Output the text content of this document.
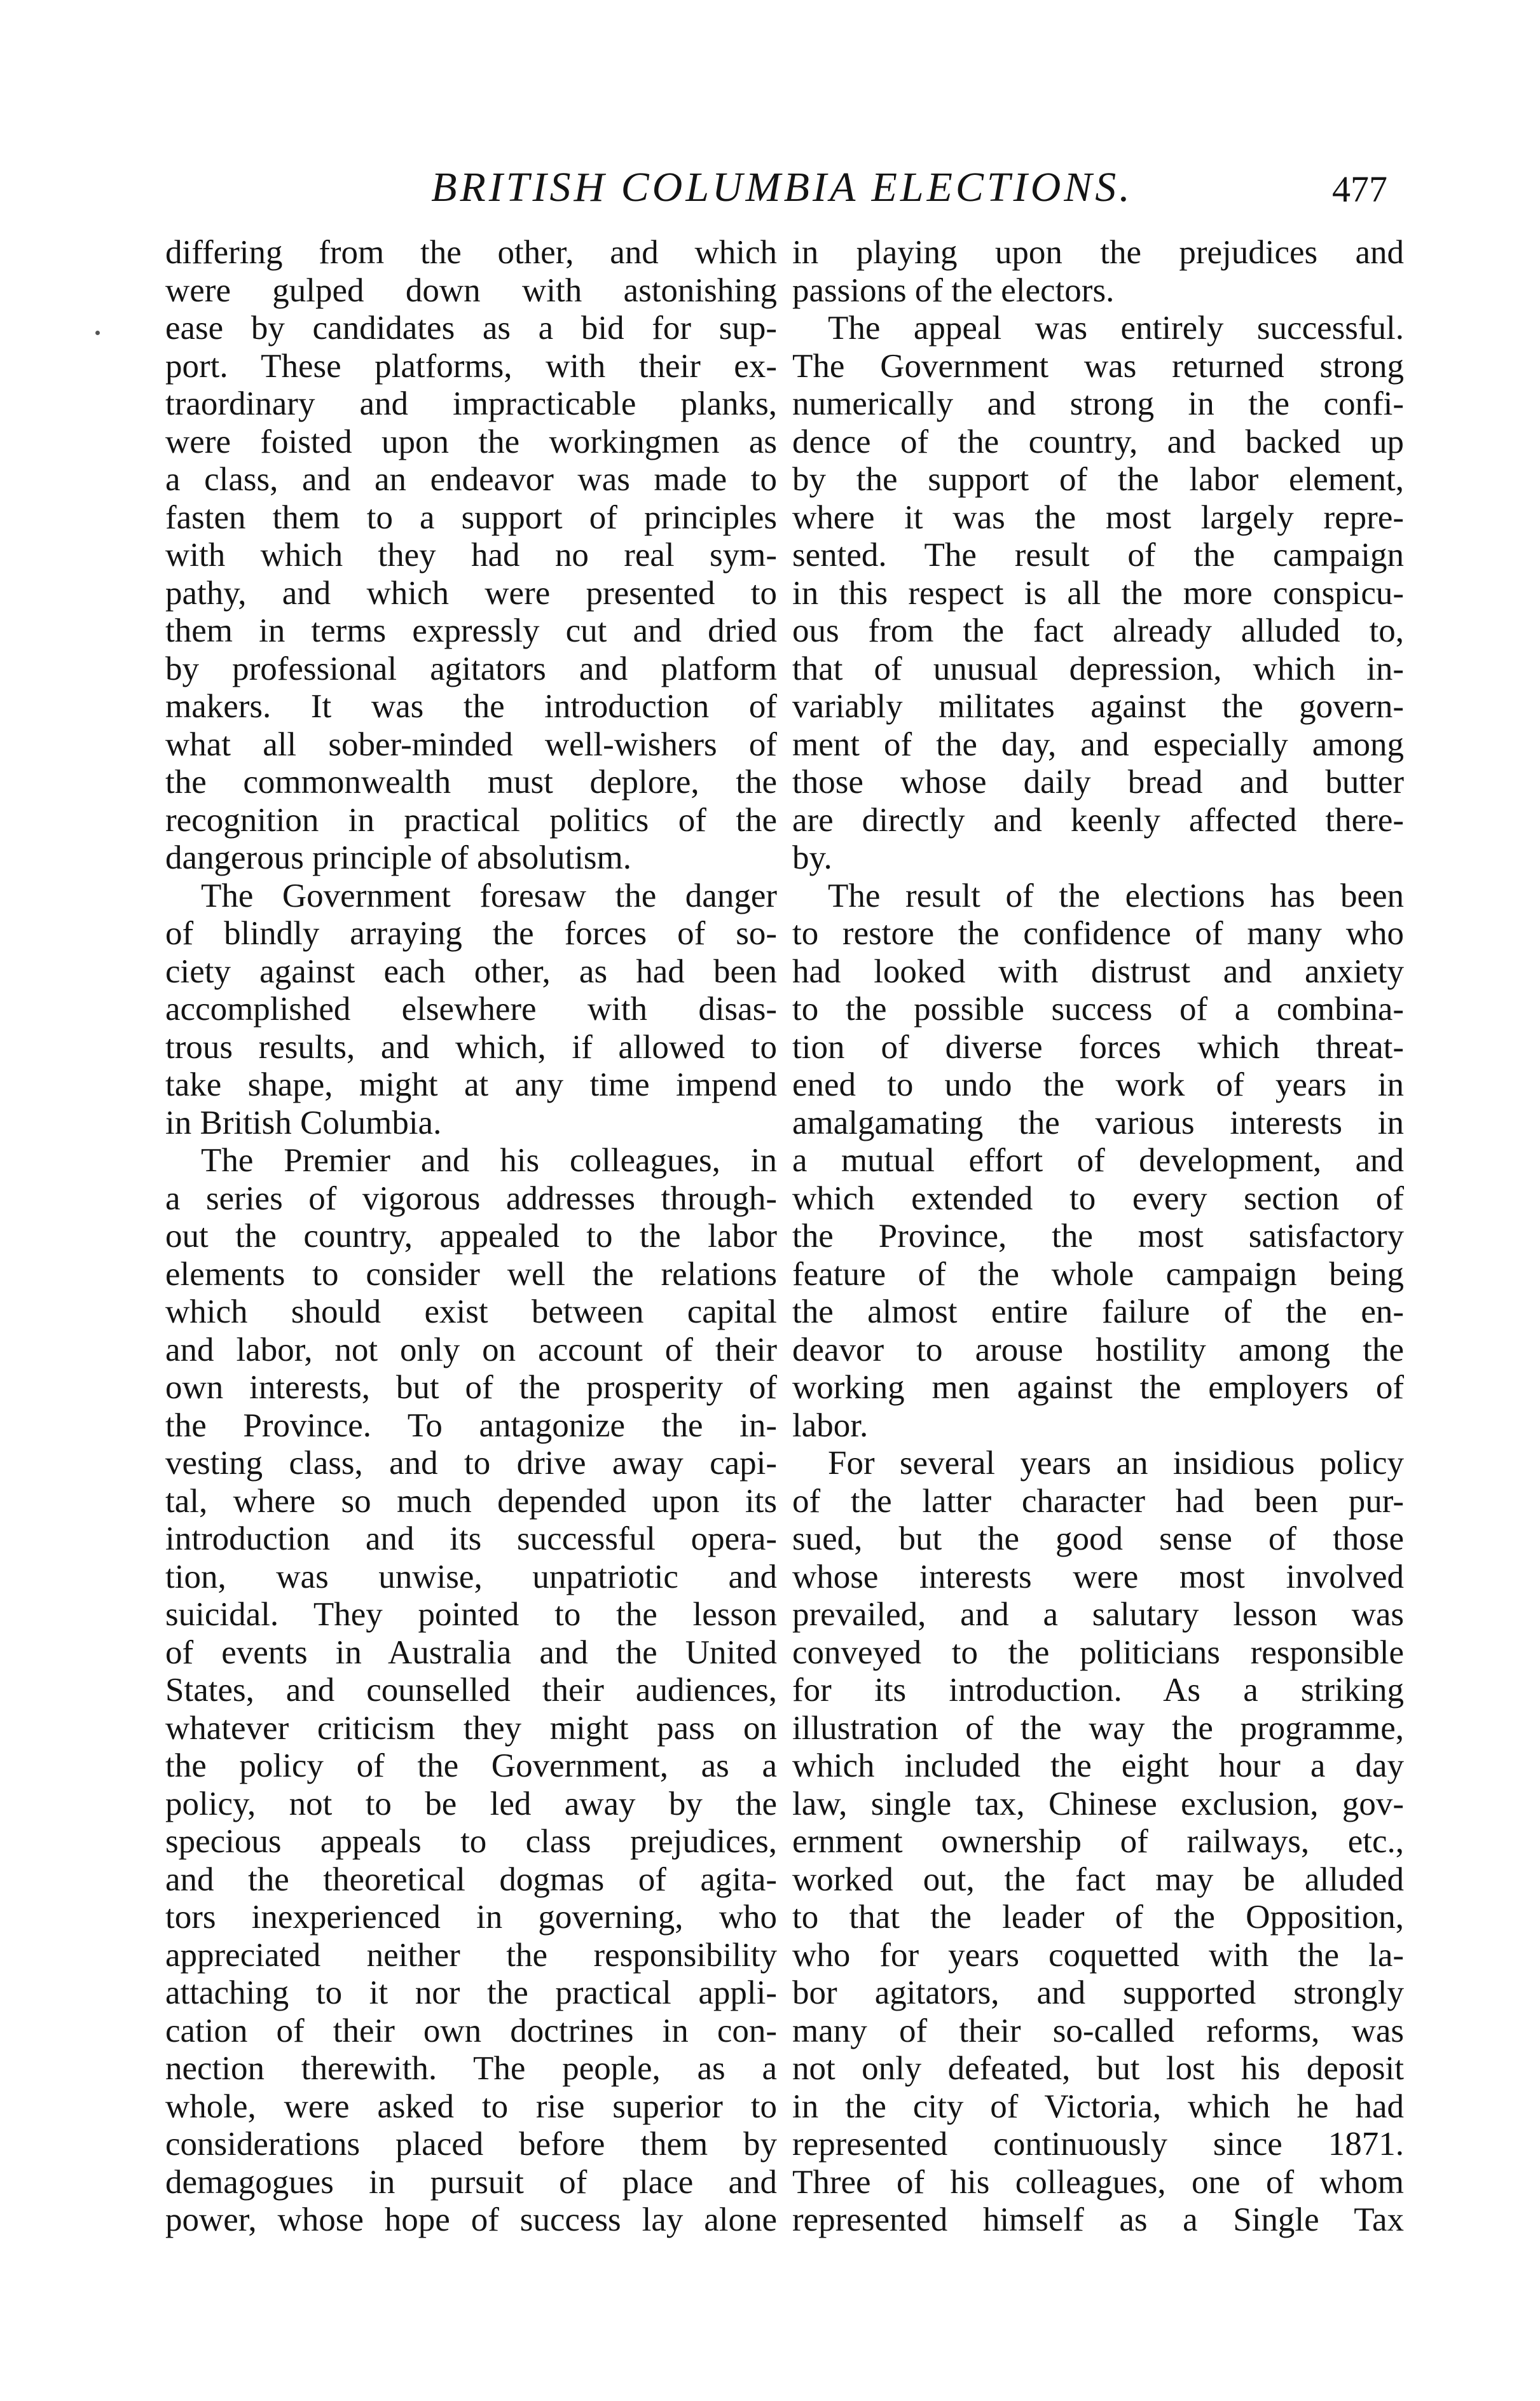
BRITISH COLUMBIA ELECTIONS.	477
differing from the other, and which
were gulped down with astonishing
ease by candidates as a bid for sup-
port. These platforms, with their ex-
traordinary and impracticable planks,
were foisted upon the workingmen as
a class, and an endeavor was made to
fasten them to a support of principles
with which they had no real sym-
pathy, and which were presented to
them in terms expressly cut and dried
by professional agitators and platform
makers. It was the introduction of
what all sober-minded well-wishers of
the commonwealth must deplore, the
recognition in practical politics of the
dangerous principle of absolutism.
The Government foresaw the danger
of blindly arraying the forces of so-
ciety against each other, as had been
accomplished elsewhere with disas-
trous results, and which, if allowed to
take shape, might at any time impend
in British Columbia.
The Premier and his colleagues, in
a series of vigorous addresses through-
out the country, appealed to the labor
elements to consider well the relations
which should exist between capital
and labor, not only on account of their
own interests, but of the prosperity of
the Province. To antagonize the in-
vesting class, and to drive away capi-
tal, where so much depended upon its
introduction and its successful opera-
tion, was unwise, unpatriotic and
suicidal. They pointed to the lesson
of events in Australia and the United
States, and counselled their audiences,
whatever criticism they might pass on
the policy of the Government, as a
policy, not to be led away by the
specious appeals to class prejudices,
and the theoretical dogmas of agita-
tors inexperienced in governing, who
appreciated neither the responsibility
attaching to it nor the practical appli-
cation of their own doctrines in con-
nection therewith. The people, as a
whole, were asked to rise superior to
considerations placed before them by
demagogues in pursuit of place and
power, whose hope of success lay alone
in playing upon the prejudices and
passions of the electors.
The appeal was entirely successful.
The Government was returned strong
numerically and strong in the confi-
dence of the country, and backed up
by the support of the labor element,
where it was the most largely repre-
sented. The result of the campaign
in this respect is all the more conspicu-
ous from the fact already alluded to,
that of unusual depression, which in-
variably militates against the govern-
ment of the day, and especially among
those whose daily bread and butter
are directly and keenly affected there-
by.
The result of the elections has been
to restore the confidence of many who
had looked with distrust and anxiety
to the possible success of a combina-
tion of diverse forces which threat-
ened to undo the work of years in
amalgamating the various interests in
a mutual effort of development, and
which extended to every section of
the Province, the most satisfactory
feature of the whole campaign being
the almost entire failure of the en-
deavor to arouse hostility among the
working men against the employers of
labor.
For several years an insidious policy
of the latter character had been pur-
sued, but the good sense of those
whose interests were most involved
prevailed, and a salutary lesson was
conveyed to the politicians responsible
for its introduction. As a striking
illustration of the way the programme,
which included the eight hour a day
law, single tax, Chinese exclusion, gov-
ernment ownership of railways, etc.,
worked out, the fact may be alluded
to that the leader of the Opposition,
who for years coquetted with the la-
bor agitators, and supported strongly
many of their so-called reforms, was
not only defeated, but lost his deposit
in the city of Victoria, which he had
represented continuously since 1871.
Three of his colleagues, one of whom
represented himself as a Single Tax
